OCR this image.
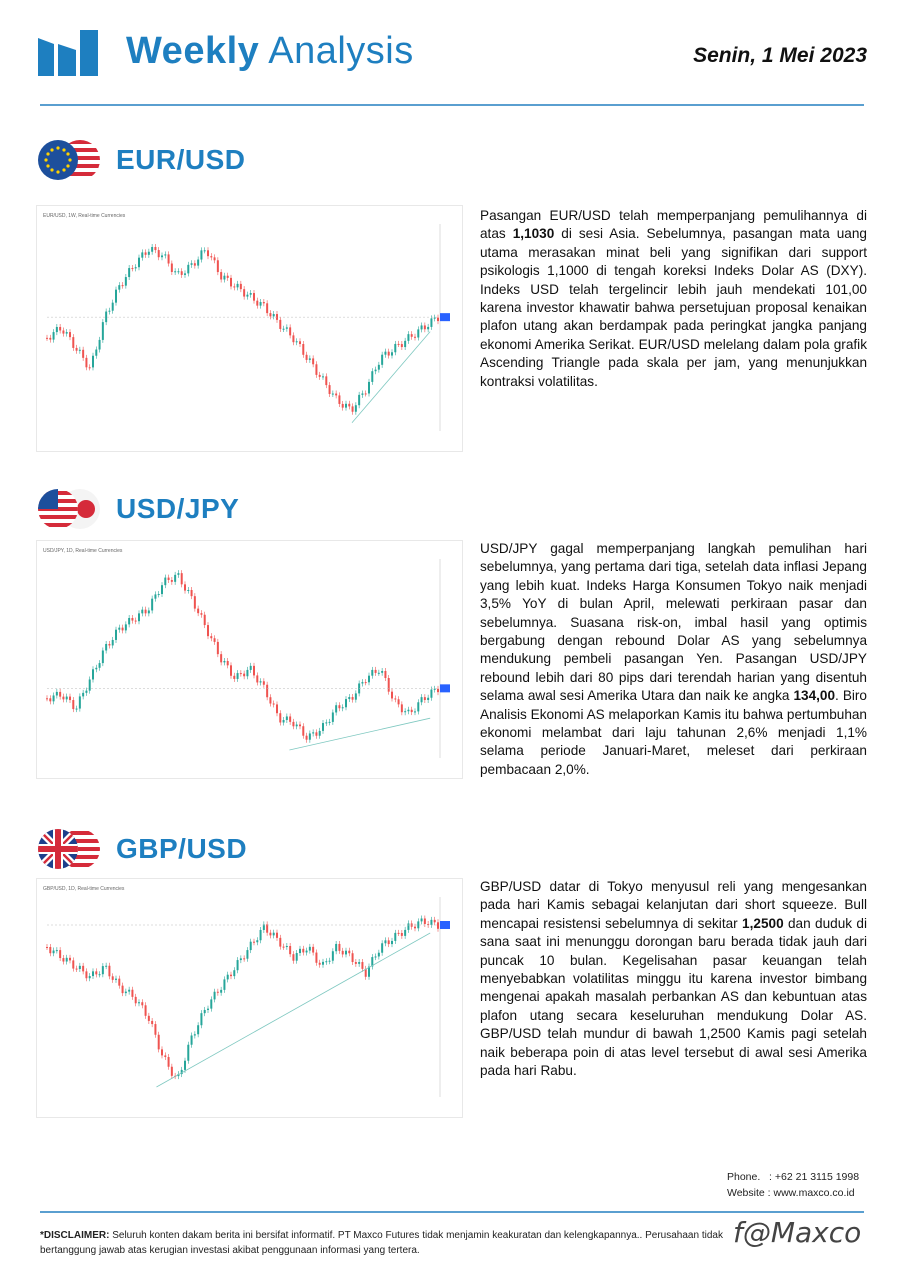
Weekly Analysis	Senin, 1 Mei 2023
EUR/USD
EUR/USD, 1W, Real-time Currencies	Pasangan EUR/USD telah memperpanjang pemulihannya di atas 1,1030 di sesi Asia. Sebelumnya, pasangan mata uang utama merasakan minat beli yang signifikan dari support psikologis 1,1000 di tengah koreksi Indeks Dolar AS (DXY). Indeks USD telah tergelincir lebih jauh mendekati 101,00 karena investor khawatir bahwa persetujuan proposal kenaikan plafon utang akan berdampak pada peringkat jangka panjang ekonomi Amerika Serikat. EUR/USD melelang dalam pola grafik Ascending Triangle pada skala per jam, yang menunjukkan kontraksi volatilitas.
USD/JPY
USD/JPY, 1D, Real-time Currencies	USD/JPY gagal memperpanjang langkah pemulihan hari sebelumnya, yang pertama dari tiga, setelah data inflasi Jepang yang lebih kuat. Indeks Harga Konsumen Tokyo naik menjadi 3,5% YoY di bulan April, melewati perkiraan pasar dan sebelumnya. Suasana risk-on, imbal hasil yang optimis bergabung dengan rebound Dolar AS yang sebelumnya mendukung pembeli pasangan Yen. Pasangan USD/JPY rebound lebih dari 80 pips dari terendah harian yang disentuh selama awal sesi Amerika Utara dan naik ke angka 134,00. Biro Analisis Ekonomi AS melaporkan Kamis itu bahwa pertumbuhan ekonomi melambat dari laju tahunan 2,6% menjadi 1,1% selama periode Januari-Maret, meleset dari perkiraan pembacaan 2,0%.
GBP/USD
GBP/USD, 1D, Real-time Currencies	GBP/USD datar di Tokyo menyusul reli yang mengesankan pada hari Kamis sebagai kelanjutan dari short squeeze. Bull mencapai resistensi sebelumnya di sekitar 1,2500 dan duduk di sana saat ini menunggu dorongan baru berada tidak jauh dari puncak 10 bulan. Kegelisahan pasar keuangan telah menyebabkan volatilitas minggu itu karena investor bimbang mengenai apakah masalah perbankan AS dan kebuntuan atas plafon utang secara keseluruhan mendukung Dolar AS. GBP/USD telah mundur di bawah 1,2500 Kamis pagi setelah naik beberapa poin di atas level tersebut di awal sesi Amerika pada hari Rabu.
Phone. : +62 21 3115 1998
Website : www.maxco.co.id
*DISCLAIMER: Seluruh konten dakam berita ini bersifat informatif. PT Maxco Futures tidak menjamin keakuratan dan kelengkapannya.. Perusahaan tidak bertanggung jawab atas kerugian investasi akibat penggunaan informasi yang tertera.
f@Maxco
